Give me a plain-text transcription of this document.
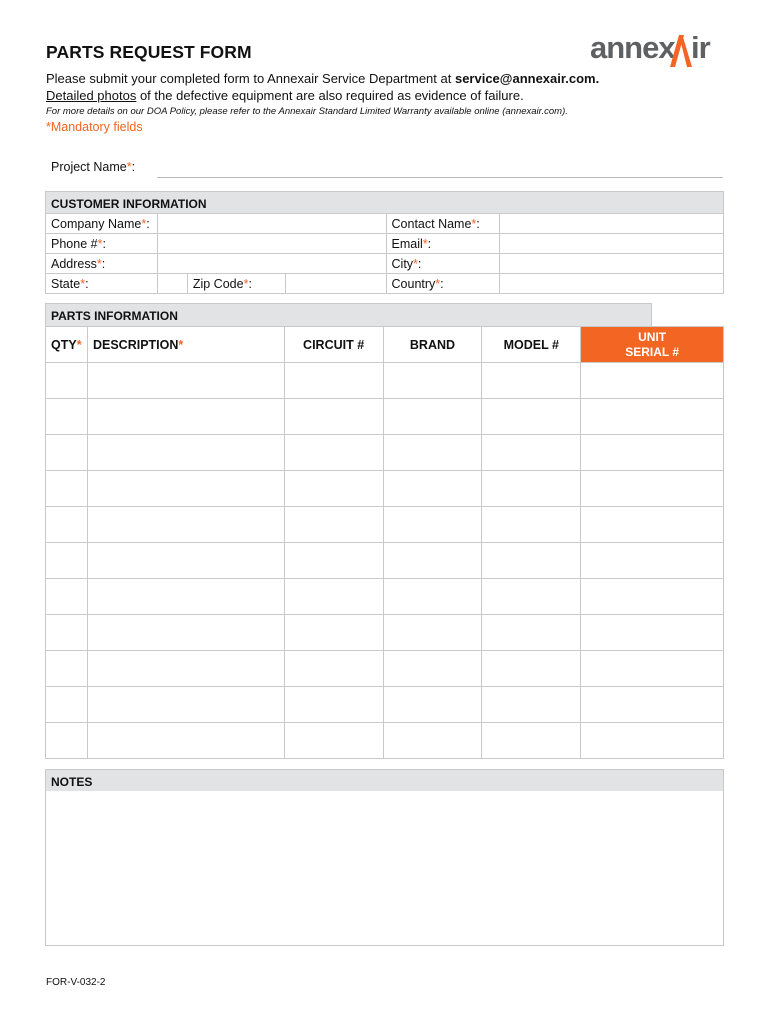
PARTS REQUEST FORM	annex ir
Please submit your completed form to Annexair Service Department at service@annexair.com.
Detailed photos of the defective equipment are also required as evidence of failure.
For more details on our DOA Policy, please refer to the Annexair Standard Limited Warranty available online (annexair.com).
*Mandatory fields
Project Name*:
CUSTOMER INFORMATION
Company Name*:				Contact Name*:	
Phone #*:				Email*:	
Address*:				City*:	
State*:		Zip Code*:		Country*:	
PARTS INFORMATION
QTY*	DESCRIPTION*	CIRCUIT #	BRAND	MODEL #	UNIT
SERIAL #

NOTES
FOR-V-032-2
